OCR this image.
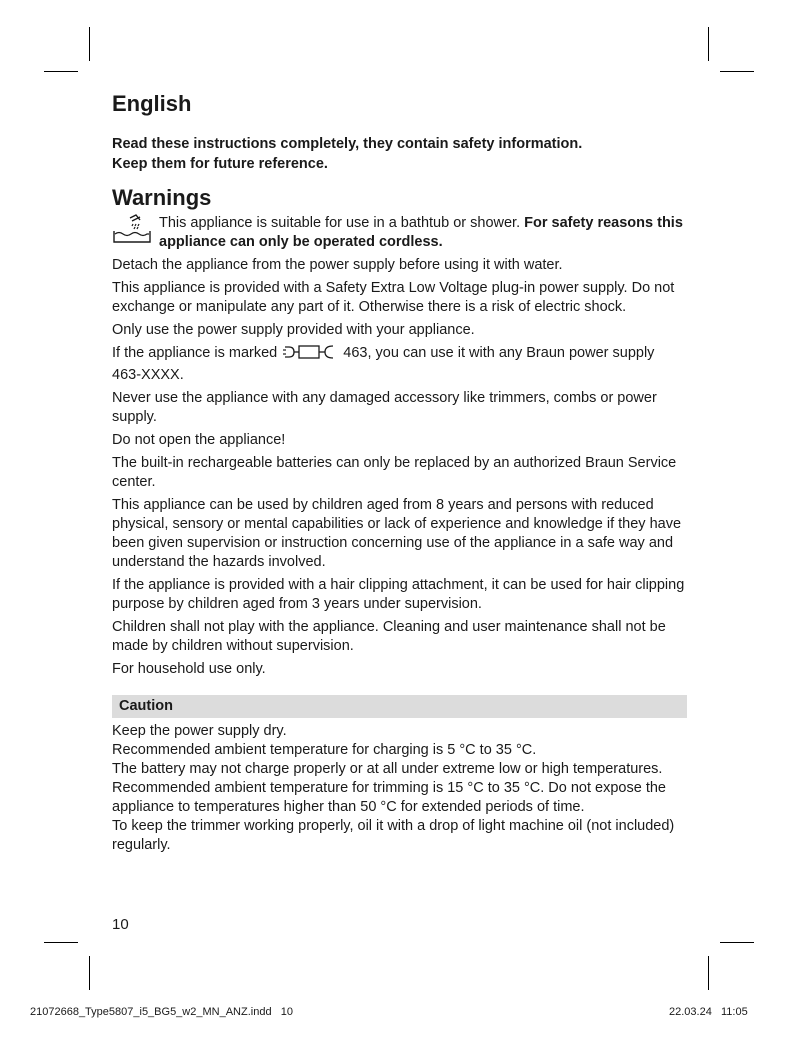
English

Read these instructions completely, they contain safety information.

Keep them for future reference.

Warnings
This appliance is suitable for use in a bathtub or shower. For safety reasons this appliance can only be operated cordless.

Detach the appliance from the power supply before using it with water.

This appliance is provided with a Safety Extra Low Voltage plug-in power supply. Do not exchange or manipulate any part of it. Otherwise there is a risk of electric shock.

Only use the power supply provided with your appliance.

If the appliance is marked	463, you can use it with any Braun power supply 463-XXXX.

Never use the appliance with any damaged accessory like trimmers, combs or power supply.

Do not open the appliance!

The built-in rechargeable batteries can only be replaced by an authorized Braun Service center.

This appliance can be used by children aged from 8 years and persons with reduced physical, sensory or mental capabilities or lack of experience and knowledge if they have been given supervision or instruction concerning use of the appliance in a safe way and understand the hazards involved.

If the appliance is provided with a hair clipping attachment, it can be used for hair clipping purpose by children aged from 3 years under supervision.

Children shall not play with the appliance. Cleaning and user maintenance shall not be made by children without supervision.

For household use only.

Caution

Keep the power supply dry.

Recommended ambient temperature for charging is 5 °C to 35 °C.

The battery may not charge properly or at all under extreme low or high temperatures.

Recommended ambient temperature for trimming is 15 °C to 35 °C. Do not expose the appliance to temperatures higher than 50 °C for extended periods of time.

To keep the trimmer working properly, oil it with a drop of light machine oil (not included) regularly.

10
21072668_Type5807_i5_BG5_w2_MN_ANZ.indd   10	22.03.24   11:05
